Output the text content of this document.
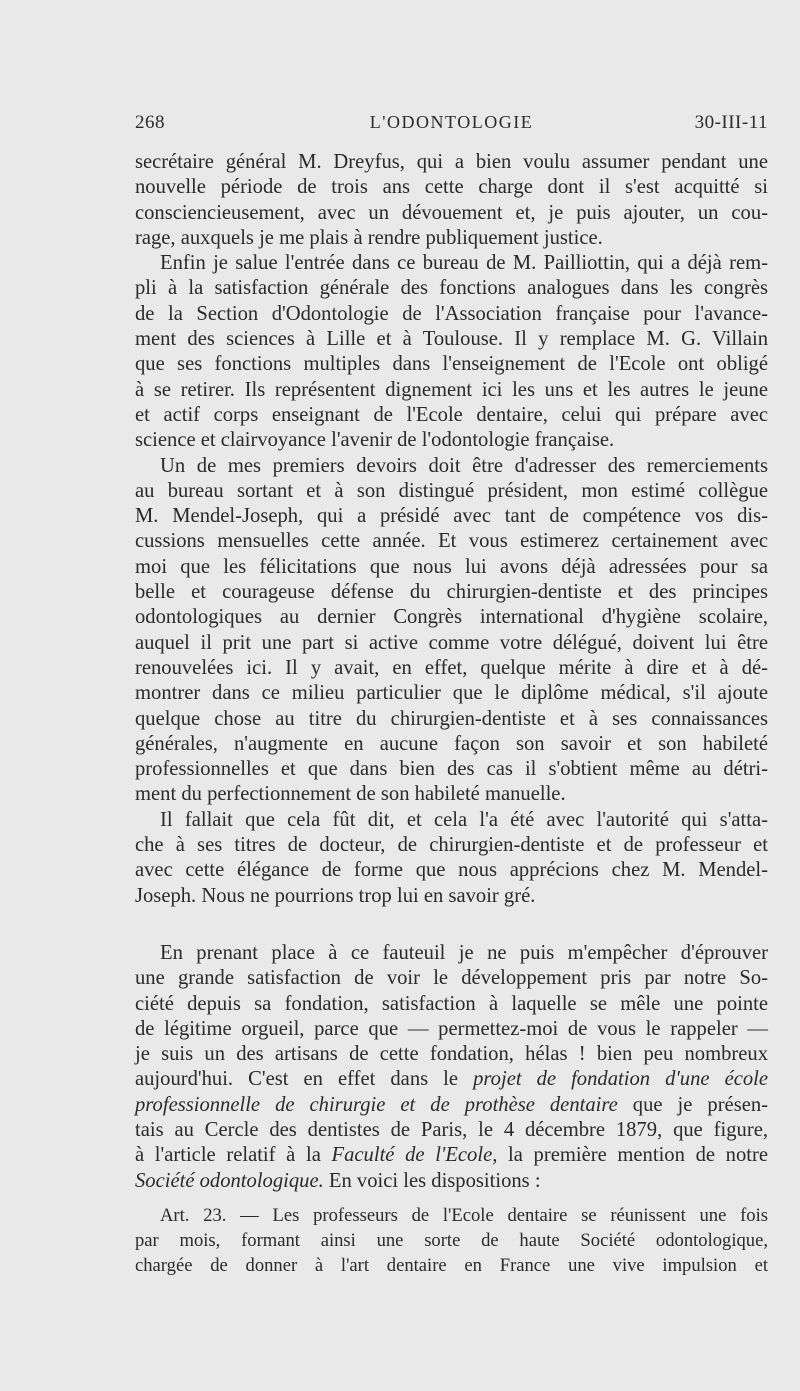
268	L'ODONTOLOGIE	30-III-11
secrétaire général M. Dreyfus, qui a bien voulu assumer pendant une
nouvelle période de trois ans cette charge dont il s'est acquitté si
consciencieusement, avec un dévouement et, je puis ajouter, un cou-
rage, auxquels je me plais à rendre publiquement justice.
Enfin je salue l'entrée dans ce bureau de M. Pailliottin, qui a déjà rem-
pli à la satisfaction générale des fonctions analogues dans les congrès
de la Section d'Odontologie de l'Association française pour l'avance-
ment des sciences à Lille et à Toulouse. Il y remplace M. G. Villain
que ses fonctions multiples dans l'enseignement de l'Ecole ont obligé
à se retirer. Ils représentent dignement ici les uns et les autres le jeune
et actif corps enseignant de l'Ecole dentaire, celui qui prépare avec
science et clairvoyance l'avenir de l'odontologie française.
Un de mes premiers devoirs doit être d'adresser des remerciements
au bureau sortant et à son distingué président, mon estimé collègue
M. Mendel-Joseph, qui a présidé avec tant de compétence vos dis-
cussions mensuelles cette année. Et vous estimerez certainement avec
moi que les félicitations que nous lui avons déjà adressées pour sa
belle et courageuse défense du chirurgien-dentiste et des principes
odontologiques au dernier Congrès international d'hygiène scolaire,
auquel il prit une part si active comme votre délégué, doivent lui être
renouvelées ici. Il y avait, en effet, quelque mérite à dire et à dé-
montrer dans ce milieu particulier que le diplôme médical, s'il ajoute
quelque chose au titre du chirurgien-dentiste et à ses connaissances
générales, n'augmente en aucune façon son savoir et son habileté
professionnelles et que dans bien des cas il s'obtient même au détri-
ment du perfectionnement de son habileté manuelle.
Il fallait que cela fût dit, et cela l'a été avec l'autorité qui s'atta-
che à ses titres de docteur, de chirurgien-dentiste et de professeur et
avec cette élégance de forme que nous apprécions chez M. Mendel-
Joseph. Nous ne pourrions trop lui en savoir gré.
En prenant place à ce fauteuil je ne puis m'empêcher d'éprouver
une grande satisfaction de voir le développement pris par notre So-
ciété depuis sa fondation, satisfaction à laquelle se mêle une pointe
de légitime orgueil, parce que — permettez-moi de vous le rappeler —
je suis un des artisans de cette fondation, hélas ! bien peu nombreux
aujourd'hui. C'est en effet dans le projet de fondation d'une école
professionnelle de chirurgie et de prothèse dentaire que je présen-
tais au Cercle des dentistes de Paris, le 4 décembre 1879, que figure,
à l'article relatif à la Faculté de l'Ecole, la première mention de notre
Société odontologique. En voici les dispositions :
Art. 23. — Les professeurs de l'Ecole dentaire se réunissent une fois
par mois, formant ainsi une sorte de haute Société odontologique,
chargée de donner à l'art dentaire en France une vive impulsion et
